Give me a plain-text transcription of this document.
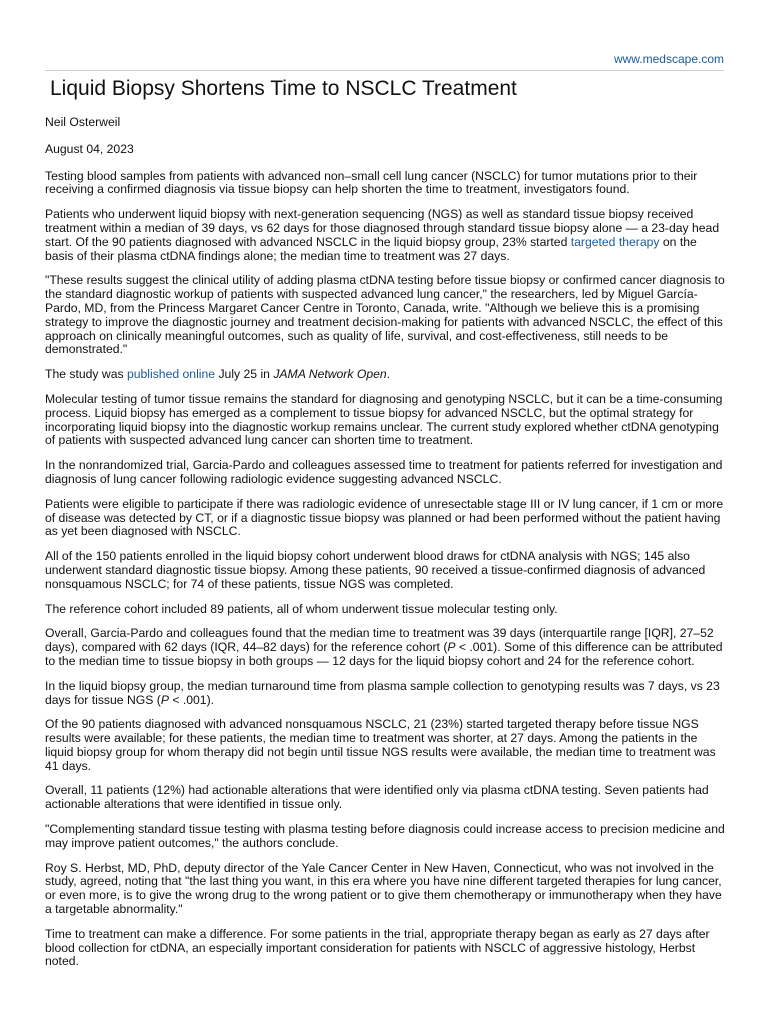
www.medscape.com
Liquid Biopsy Shortens Time to NSCLC Treatment
Neil Osterweil
August 04, 2023

Testing blood samples from patients with advanced non–small cell lung cancer (NSCLC) for tumor mutations prior to their receiving a confirmed diagnosis via tissue biopsy can help shorten the time to treatment, investigators found.

Patients who underwent liquid biopsy with next-generation sequencing (NGS) as well as standard tissue biopsy received treatment within a median of 39 days, vs 62 days for those diagnosed through standard tissue biopsy alone — a 23-day head start. Of the 90 patients diagnosed with advanced NSCLC in the liquid biopsy group, 23% started targeted therapy on the basis of their plasma ctDNA findings alone; the median time to treatment was 27 days.

"These results suggest the clinical utility of adding plasma ctDNA testing before tissue biopsy or confirmed cancer diagnosis to the standard diagnostic workup of patients with suspected advanced lung cancer," the researchers, led by Miguel García-Pardo, MD, from the Princess Margaret Cancer Centre in Toronto, Canada, write. "Although we believe this is a promising strategy to improve the diagnostic journey and treatment decision-making for patients with advanced NSCLC, the effect of this approach on clinically meaningful outcomes, such as quality of life, survival, and cost-effectiveness, still needs to be demonstrated."

The study was published online July 25 in JAMA Network Open.

Molecular testing of tumor tissue remains the standard for diagnosing and genotyping NSCLC, but it can be a time-consuming process. Liquid biopsy has emerged as a complement to tissue biopsy for advanced NSCLC, but the optimal strategy for incorporating liquid biopsy into the diagnostic workup remains unclear. The current study explored whether ctDNA genotyping of patients with suspected advanced lung cancer can shorten time to treatment.

In the nonrandomized trial, Garcia-Pardo and colleagues assessed time to treatment for patients referred for investigation and diagnosis of lung cancer following radiologic evidence suggesting advanced NSCLC.

Patients were eligible to participate if there was radiologic evidence of unresectable stage III or IV lung cancer, if 1 cm or more of disease was detected by CT, or if a diagnostic tissue biopsy was planned or had been performed without the patient having as yet been diagnosed with NSCLC.

All of the 150 patients enrolled in the liquid biopsy cohort underwent blood draws for ctDNA analysis with NGS; 145 also underwent standard diagnostic tissue biopsy. Among these patients, 90 received a tissue-confirmed diagnosis of advanced nonsquamous NSCLC; for 74 of these patients, tissue NGS was completed.

The reference cohort included 89 patients, all of whom underwent tissue molecular testing only.

Overall, Garcia-Pardo and colleagues found that the median time to treatment was 39 days (interquartile range [IQR], 27–52 days), compared with 62 days (IQR, 44–82 days) for the reference cohort (P < .001). Some of this difference can be attributed to the median time to tissue biopsy in both groups — 12 days for the liquid biopsy cohort and 24 for the reference cohort.

In the liquid biopsy group, the median turnaround time from plasma sample collection to genotyping results was 7 days, vs 23 days for tissue NGS (P < .001).

Of the 90 patients diagnosed with advanced nonsquamous NSCLC, 21 (23%) started targeted therapy before tissue NGS results were available; for these patients, the median time to treatment was shorter, at 27 days. Among the patients in the liquid biopsy group for whom therapy did not begin until tissue NGS results were available, the median time to treatment was 41 days.

Overall, 11 patients (12%) had actionable alterations that were identified only via plasma ctDNA testing. Seven patients had actionable alterations that were identified in tissue only.

"Complementing standard tissue testing with plasma testing before diagnosis could increase access to precision medicine and may improve patient outcomes," the authors conclude.

Roy S. Herbst, MD, PhD, deputy director of the Yale Cancer Center in New Haven, Connecticut, who was not involved in the study, agreed, noting that "the last thing you want, in this era where you have nine different targeted therapies for lung cancer, or even more, is to give the wrong drug to the wrong patient or to give them chemotherapy or immunotherapy when they have a targetable abnormality."

Time to treatment can make a difference. For some patients in the trial, appropriate therapy began as early as 27 days after blood collection for ctDNA, an especially important consideration for patients with NSCLC of aggressive histology, Herbst noted.
